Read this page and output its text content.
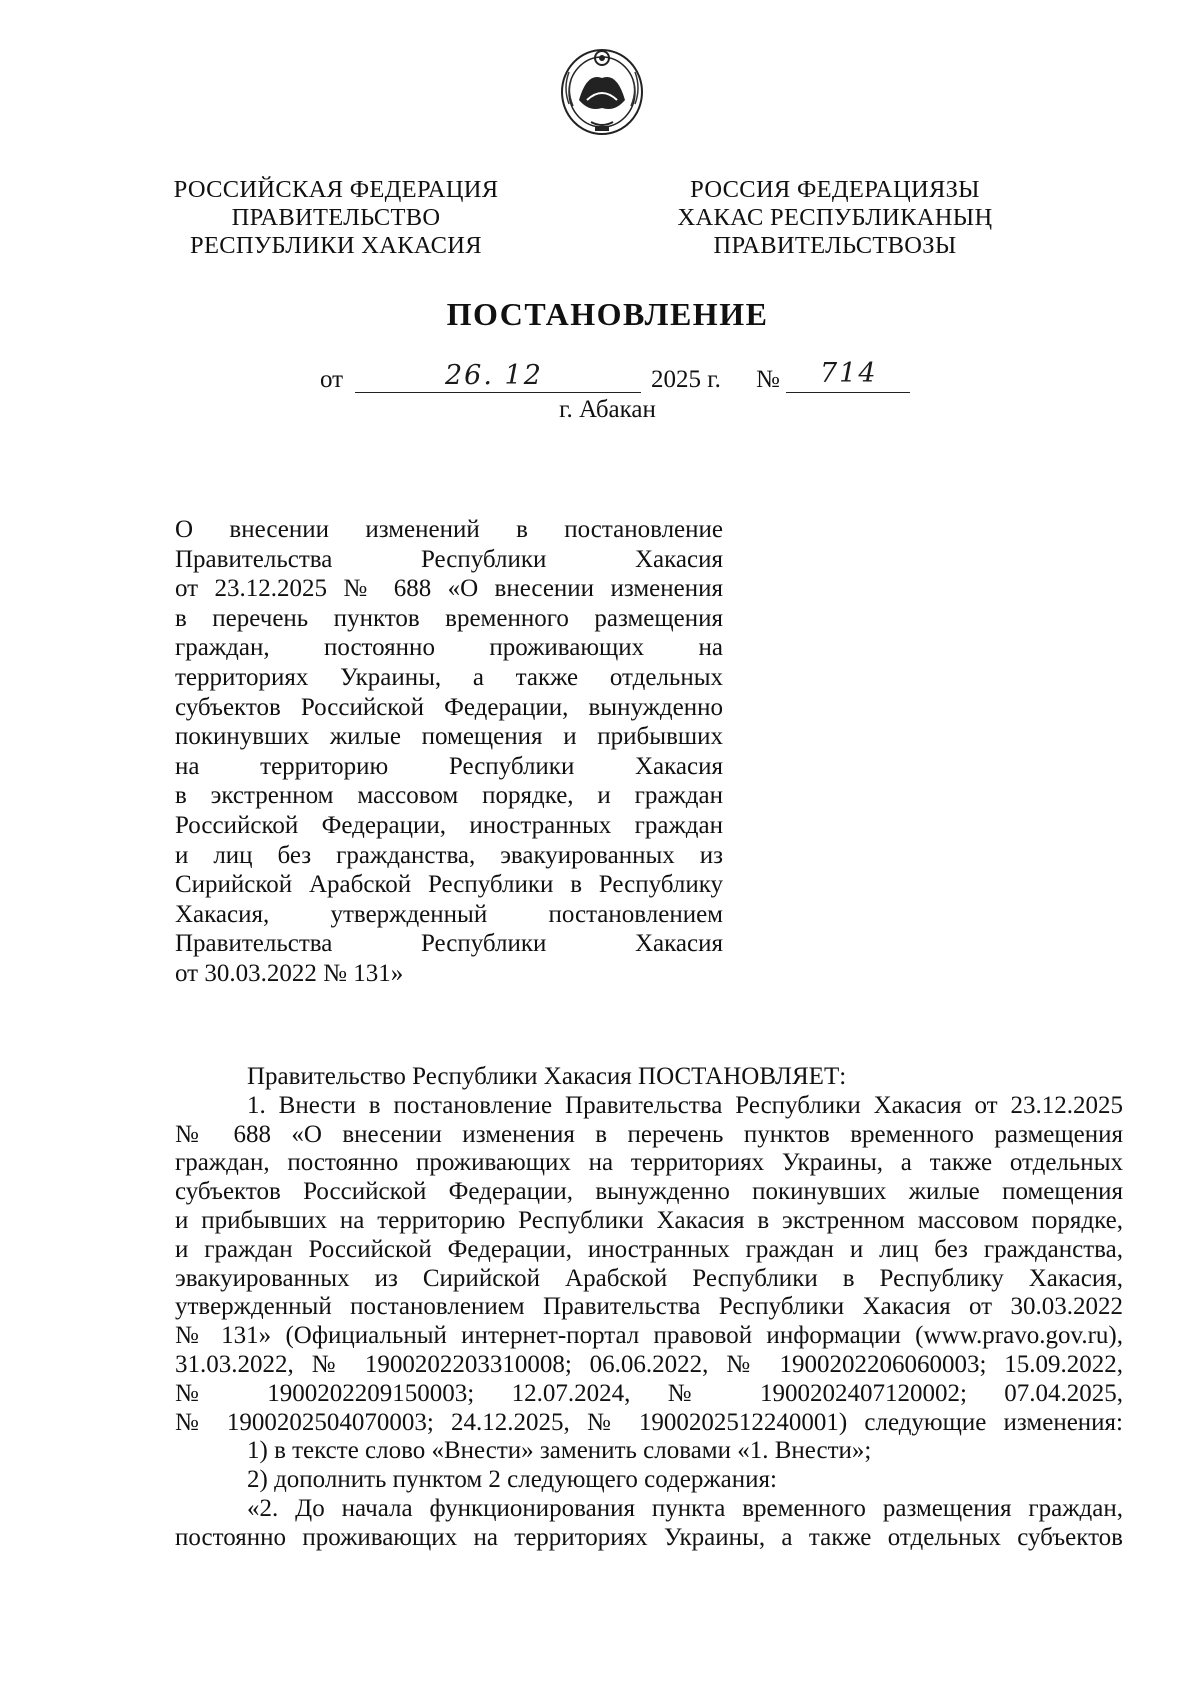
РОССИЙСКАЯ ФЕДЕРАЦИЯ
ПРАВИТЕЛЬСТВО
РЕСПУБЛИКИ ХАКАСИЯ
РОССИЯ ФЕДЕРАЦИЯЗЫ
ХАКАС РЕСПУБЛИКАНЫҢ
ПРАВИТЕЛЬСТВОЗЫ
ПОСТАНОВЛЕНИЕ
от	26. 12	2025 г. № 714
г. Абакан
О внесении изменений в постановление
Правительства Республики Хакасия
от 23.12.2025 № 688 «О внесении изменения
в перечень пунктов временного размещения
граждан, постоянно проживающих на
территориях Украины, а также отдельных
субъектов Российской Федерации, вынужденно
покинувших жилые помещения и прибывших
на территорию Республики Хакасия
в экстренном массовом порядке, и граждан
Российской Федерации, иностранных граждан
и лиц без гражданства, эвакуированных из
Сирийской Арабской Республики в Республику
Хакасия, утвержденный постановлением
Правительства Республики Хакасия
от 30.03.2022 № 131»
Правительство Республики Хакасия ПОСТАНОВЛЯЕТ:
1. Внести в постановление Правительства Республики Хакасия от 23.12.2025
№ 688 «О внесении изменения в перечень пунктов временного размещения
граждан, постоянно проживающих на территориях Украины, а также отдельных
субъектов Российской Федерации, вынужденно покинувших жилые помещения
и прибывших на территорию Республики Хакасия в экстренном массовом порядке,
и граждан Российской Федерации, иностранных граждан и лиц без гражданства,
эвакуированных из Сирийской Арабской Республики в Республику Хакасия,
утвержденный постановлением Правительства Республики Хакасия от 30.03.2022
№ 131» (Официальный интернет-портал правовой информации (www.pravo.gov.ru),
31.03.2022, № 1900202203310008; 06.06.2022, № 1900202206060003; 15.09.2022,
№ 1900202209150003; 12.07.2024, № 1900202407120002; 07.04.2025,
№ 1900202504070003; 24.12.2025, № 1900202512240001) следующие изменения:
1) в тексте слово «Внести» заменить словами «1. Внести»;
2) дополнить пунктом 2 следующего содержания:
«2. До начала функционирования пункта временного размещения граждан,
постоянно проживающих на территориях Украины, а также отдельных субъектов
